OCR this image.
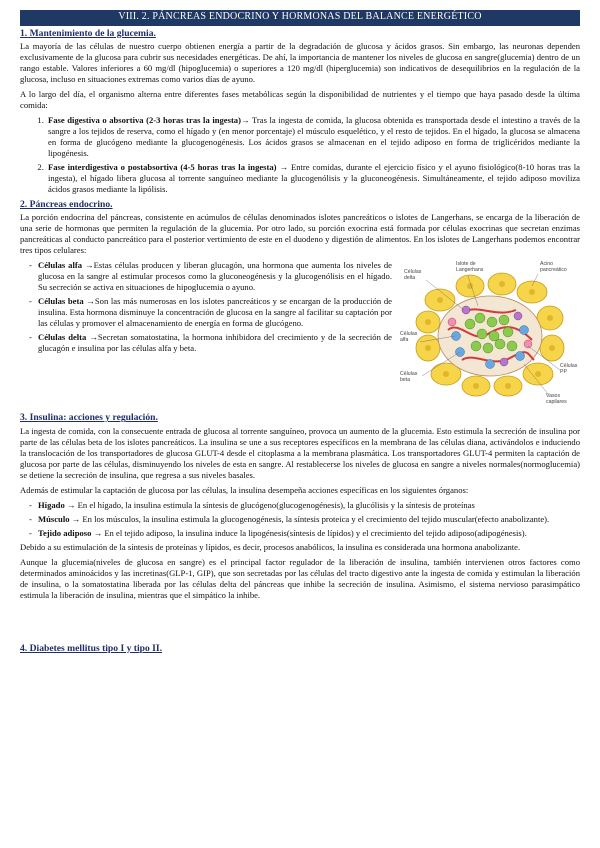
VIII. 2. PÁNCREAS ENDOCRINO Y HORMONAS DEL BALANCE ENERGÉTICO
1. Mantenimiento de la glucemia.

La mayoría de las células de nuestro cuerpo obtienen energía a partir de la degradación de glucosa y ácidos grasos. Sin embargo, las neuronas dependen exclusivamente de la glucosa para cubrir sus necesidades energéticas. De ahí, la importancia de mantener los niveles de glucosa en sangre(glucemia) dentro de un rango estable. Valores inferiores a 60 mg/dl (hipoglucemia) o superiores a 120 mg/dl (hiperglucemia) son indicativos de desequilibrios en la regulación de la glucosa, incluso en situaciones extremas como varios días de ayuno.

A lo largo del día, el organismo alterna entre diferentes fases metabólicas según la disponibilidad de nutrientes y el tiempo que haya pasado desde la última comida:

1. Fase digestiva o absortiva (2-3 horas tras la ingesta)→ Tras la ingesta de comida, la glucosa obtenida es transportada desde el intestino a través de la sangre a los tejidos de reserva, como el hígado y (en menor porcentaje) el músculo esquelético, y el resto de tejidos. En el hígado, la glucosa se almacena en forma de glucógeno mediante la glucogenogénesis. Los ácidos grasos se almacenan en el tejido adiposo en forma de triglicéridos mediante la lipogénesis.
2. Fase interdigestiva o postabsortiva (4-5 horas tras la ingesta) → Entre comidas, durante el ejercicio físico y el ayuno fisiológico(8-10 horas tras la ingesta), el hígado libera glucosa al torrente sanguíneo mediante la glucogenólisis y la gluconeogénesis. Simultáneamente, el tejido adiposo moviliza ácidos grasos mediante la lipólisis.
2. Páncreas endocrino.

La porción endocrina del páncreas, consistente en acúmulos de células denominados islotes pancreáticos o islotes de Langerhans, se encarga de la liberación de una serie de hormonas que permiten la regulación de la glucemia. Por otro lado, su porción exocrina está formada por células exocrinas que secretan enzimas pancreáticas al conducto pancreático para el posterior vertimiento de este en el duodeno y digestión de alimentos. En los islotes de Langerhans podemos encontrar tres tipos celulares:

- Células alfa →Estas células producen y liberan glucagón, una hormona que aumenta los niveles de glucosa en la sangre al estimular procesos como la gluconeogénesis y la glucogenólisis en el hígado. Su secreción se activa en situaciones de hipoglucemia o ayuno.
- Células beta →Son las más numerosas en los islotes pancreáticos y se encargan de la producción de insulina. Esta hormona disminuye la concentración de glucosa en la sangre al facilitar su captación por las células y promover el almacenamiento de energía en forma de glucógeno.
- Células delta →Secretan somatostatina, la hormona inhibidora del crecimiento y de la secreción de glucagón e insulina por las células alfa y beta.
Islote de Langerhans
Acino pancreático
Células delta
Células alfa
Células beta
Células PP
Vasos capilares
3. Insulina: acciones y regulación.

La ingesta de comida, con la consecuente entrada de glucosa al torrente sanguíneo, provoca un aumento de la glucemia. Esto estimula la secreción de insulina por parte de las células beta de los islotes pancreáticos. La insulina se une a sus receptores específicos en la membrana de las células diana, activándolos e induciendo la translocación de los transportadores de glucosa GLUT-4 desde el citoplasma a la membrana plasmática. Los transportadores GLUT-4 permiten la captación de glucosa por parte de las células, disminuyendo los niveles de esta en sangre. Al restablecerse los niveles de glucosa en sangre a niveles normales(normoglucemia) se detiene la secreción de insulina, que regresa a sus niveles basales.

Además de estimular la captación de glucosa por las células, la insulina desempeña acciones específicas en los siguientes órganos:

- Hígado → En el hígado, la insulina estimula la síntesis de glucógeno(glucogenogénesis), la glucólisis y la síntesis de proteínas
- Músculo → En los músculos, la insulina estimula la glucogenogénesis, la síntesis proteica y el crecimiento del tejido muscular(efecto anabolizante).
- Tejido adiposo → En el tejido adiposo, la insulina induce la lipogénesis(síntesis de lípidos) y el crecimiento del tejido adiposo(adipogénesis).

Debido a su estimulación de la síntesis de proteínas y lípidos, es decir, procesos anabólicos, la insulina es considerada una hormona anabolizante.

Aunque la glucemia(niveles de glucosa en sangre) es el principal factor regulador de la liberación de insulina, también intervienen otros factores como determinados aminoácidos y las incretinas(GLP-1, GIP), que son secretadas por las células del tracto digestivo ante la ingesta de comida y estimulan la liberación de insulina, o la somatostatina liberada por las células delta del páncreas que inhibe la secreción de insulina. Asimismo, el sistema nervioso parasimpático estimula la liberación de insulina, mientras que el simpático la inhibe.

4. Diabetes mellitus tipo I y tipo II.
